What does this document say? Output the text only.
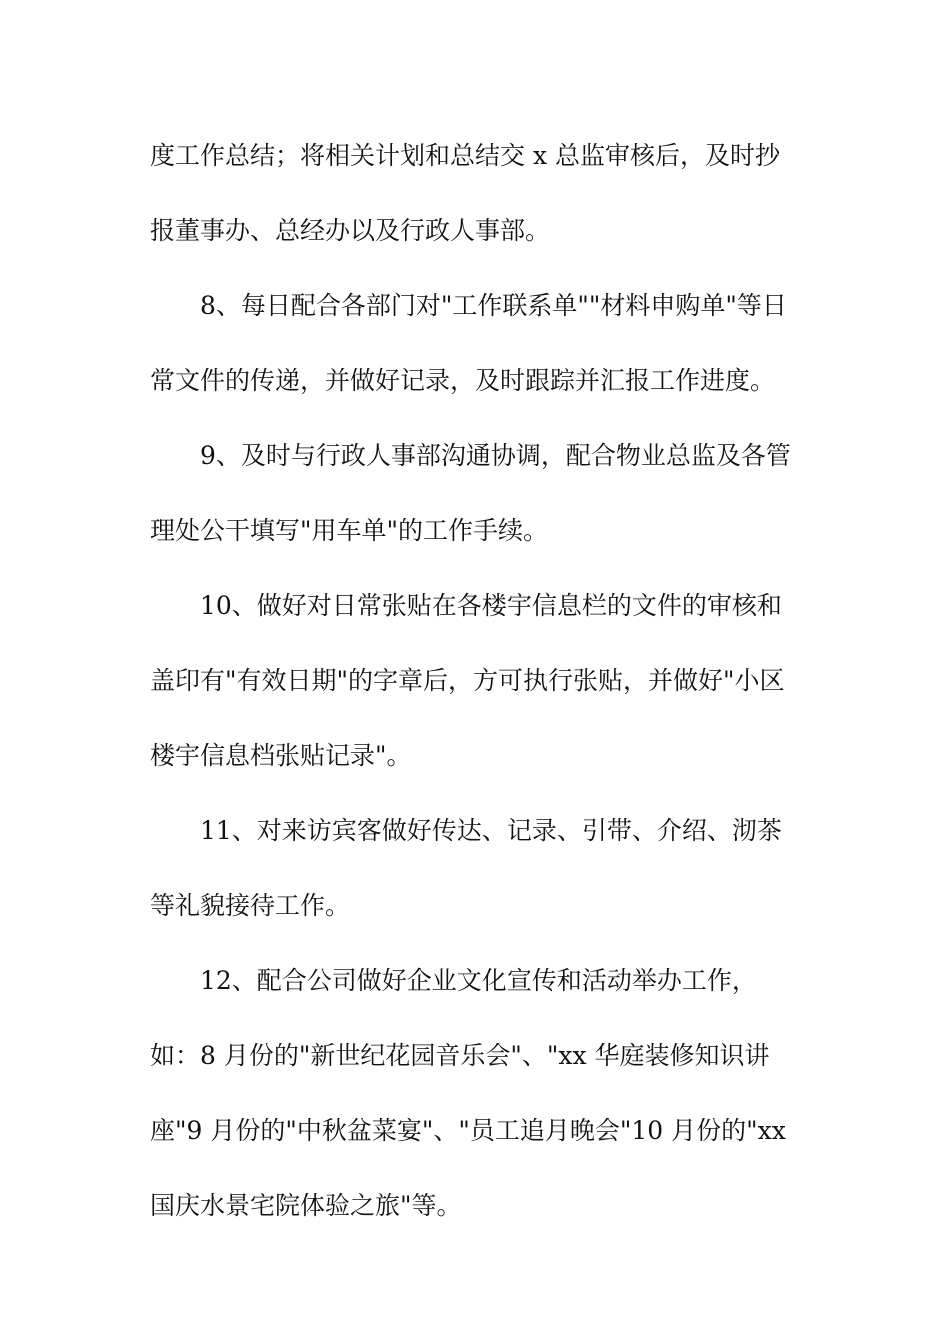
度工作总结；将相关计划和总结交 x 总监审核后，及时抄
报董事办、总经办以及行政人事部。
8、每日配合各部门对"工作联系单""材料申购单"等日
常文件的传递，并做好记录，及时跟踪并汇报工作进度。
9、及时与行政人事部沟通协调，配合物业总监及各管
理处公干填写"用车单"的工作手续。
10、做好对日常张贴在各楼宇信息栏的文件的审核和
盖印有"有效日期"的字章后，方可执行张贴，并做好"小区
楼宇信息档张贴记录"。
11、对来访宾客做好传达、记录、引带、介绍、沏茶
等礼貌接待工作。
12、配合公司做好企业文化宣传和活动举办工作，
如：8 月份的"新世纪花园音乐会"、"xx 华庭装修知识讲
座"9 月份的"中秋盆菜宴"、"员工追月晚会"10 月份的"xx
国庆水景宅院体验之旅"等。
